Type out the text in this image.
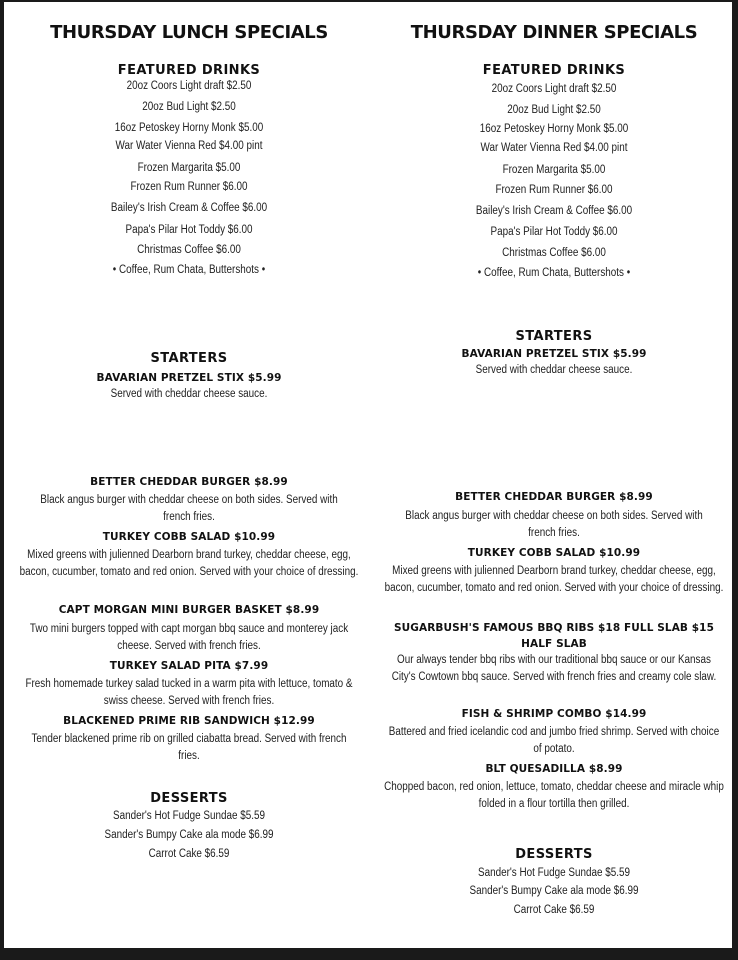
THURSDAY LUNCH SPECIALS
FEATURED DRINKS
20oz Coors Light draft $2.50
20oz Bud Light $2.50
16oz Petoskey Horny Monk $5.00
War Water Vienna Red $4.00 pint
Frozen Margarita $5.00
Frozen Rum Runner $6.00
Bailey's Irish Cream & Coffee $6.00
Papa's Pilar Hot Toddy $6.00
Christmas Coffee $6.00
• Coffee, Rum Chata, Buttershots •
STARTERS
BAVARIAN PRETZEL STIX $5.99
Served with cheddar cheese sauce.
BETTER CHEDDAR BURGER $8.99
Black angus burger with cheddar cheese on both sides. Served with french fries.
TURKEY COBB SALAD $10.99
Mixed greens with julienned Dearborn brand turkey, cheddar cheese, egg, bacon, cucumber, tomato and red onion. Served with your choice of dressing.
CAPT MORGAN MINI BURGER BASKET $8.99
Two mini burgers topped with capt morgan bbq sauce and monterey jack cheese. Served with french fries.
TURKEY SALAD PITA $7.99
Fresh homemade turkey salad tucked in a warm pita with lettuce, tomato & swiss cheese. Served with french fries.
BLACKENED PRIME RIB SANDWICH $12.99
Tender blackened prime rib on grilled ciabatta bread. Served with french fries.
DESSERTS
Sander's Hot Fudge Sundae $5.59
Sander's Bumpy Cake ala mode $6.99
Carrot Cake $6.59
THURSDAY DINNER SPECIALS
FEATURED DRINKS
20oz Coors Light draft $2.50
20oz Bud Light $2.50
16oz Petoskey Horny Monk $5.00
War Water Vienna Red $4.00 pint
Frozen Margarita $5.00
Frozen Rum Runner $6.00
Bailey's Irish Cream & Coffee $6.00
Papa's Pilar Hot Toddy $6.00
Christmas Coffee $6.00
• Coffee, Rum Chata, Buttershots •
STARTERS
BAVARIAN PRETZEL STIX $5.99
Served with cheddar cheese sauce.
BETTER CHEDDAR BURGER $8.99
Black angus burger with cheddar cheese on both sides. Served with french fries.
TURKEY COBB SALAD $10.99
Mixed greens with julienned Dearborn brand turkey, cheddar cheese, egg, bacon, cucumber, tomato and red onion. Served with your choice of dressing.
SUGARBUSH'S FAMOUS BBQ RIBS $18 FULL SLAB $15 HALF SLAB
Our always tender bbq ribs with our traditional bbq sauce or our Kansas City's Cowtown bbq sauce. Served with french fries and creamy cole slaw.
FISH & SHRIMP COMBO $14.99
Battered and fried icelandic cod and jumbo fried shrimp. Served with choice of potato.
BLT QUESADILLA $8.99
Chopped bacon, red onion, lettuce, tomato, cheddar cheese and miracle whip folded in a flour tortilla then grilled.
DESSERTS
Sander's Hot Fudge Sundae $5.59
Sander's Bumpy Cake ala mode $6.99
Carrot Cake $6.59
